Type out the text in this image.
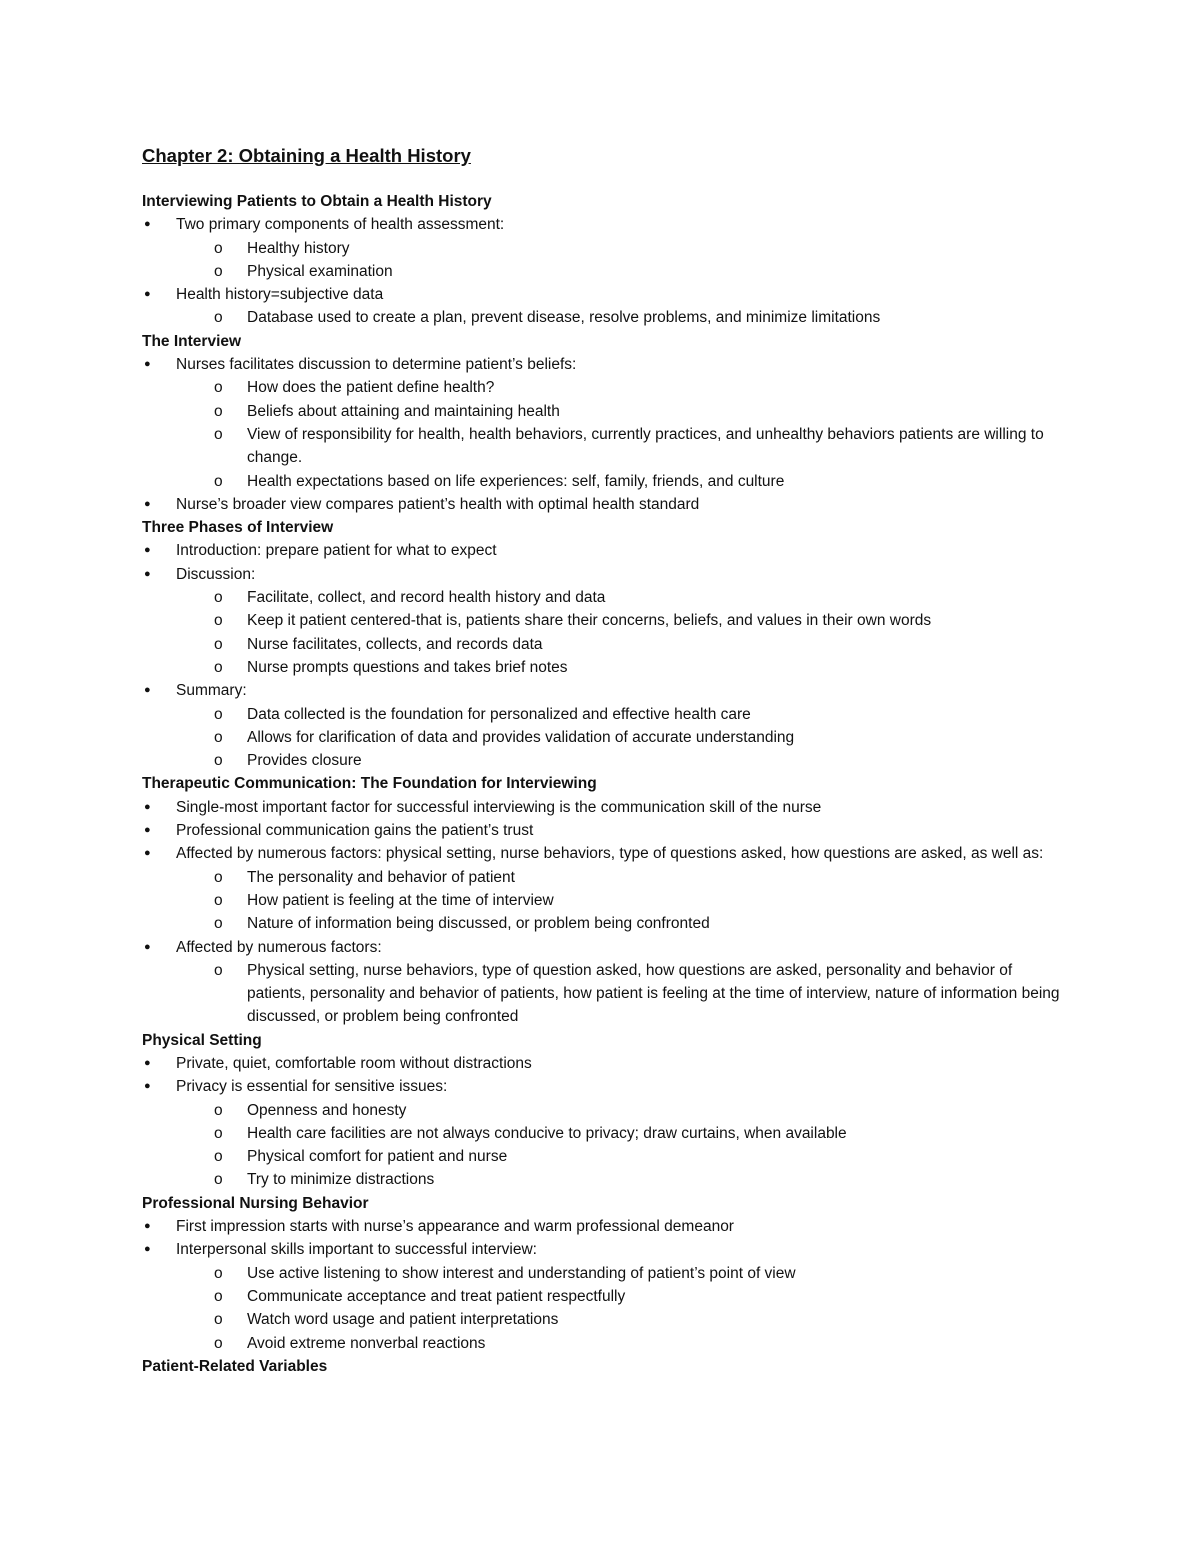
Chapter 2: Obtaining a Health History
Interviewing Patients to Obtain a Health History
● Two primary components of health assessment:
o Healthy history
o Physical examination
● Health history=subjective data
o Database used to create a plan, prevent disease, resolve problems, and minimize limitations
The Interview
● Nurses facilitates discussion to determine patient’s beliefs:
o How does the patient define health?
o Beliefs about attaining and maintaining health
o View of responsibility for health, health behaviors, currently practices, and unhealthy behaviors patients are willing to change.
o Health expectations based on life experiences: self, family, friends, and culture
● Nurse’s broader view compares patient’s health with optimal health standard
Three Phases of Interview
● Introduction: prepare patient for what to expect
● Discussion:
o Facilitate, collect, and record health history and data
o Keep it patient centered-that is, patients share their concerns, beliefs, and values in their own words
o Nurse facilitates, collects, and records data
o Nurse prompts questions and takes brief notes
● Summary:
o Data collected is the foundation for personalized and effective health care
o Allows for clarification of data and provides validation of accurate understanding
o Provides closure
Therapeutic Communication: The Foundation for Interviewing
● Single-most important factor for successful interviewing is the communication skill of the nurse
● Professional communication gains the patient’s trust
● Affected by numerous factors: physical setting, nurse behaviors, type of questions asked, how questions are asked, as well as:
o The personality and behavior of patient
o How patient is feeling at the time of interview
o Nature of information being discussed, or problem being confronted
● Affected by numerous factors:
o Physical setting, nurse behaviors, type of question asked, how questions are asked, personality and behavior of patients, personality and behavior of patients, how patient is feeling at the time of interview, nature of information being discussed, or problem being confronted
Physical Setting
● Private, quiet, comfortable room without distractions
● Privacy is essential for sensitive issues:
o Openness and honesty
o Health care facilities are not always conducive to privacy; draw curtains, when available
o Physical comfort for patient and nurse
o Try to minimize distractions
Professional Nursing Behavior
● First impression starts with nurse’s appearance and warm professional demeanor
● Interpersonal skills important to successful interview:
o Use active listening to show interest and understanding of patient’s point of view
o Communicate acceptance and treat patient respectfully
o Watch word usage and patient interpretations
o Avoid extreme nonverbal reactions
Patient-Related Variables
